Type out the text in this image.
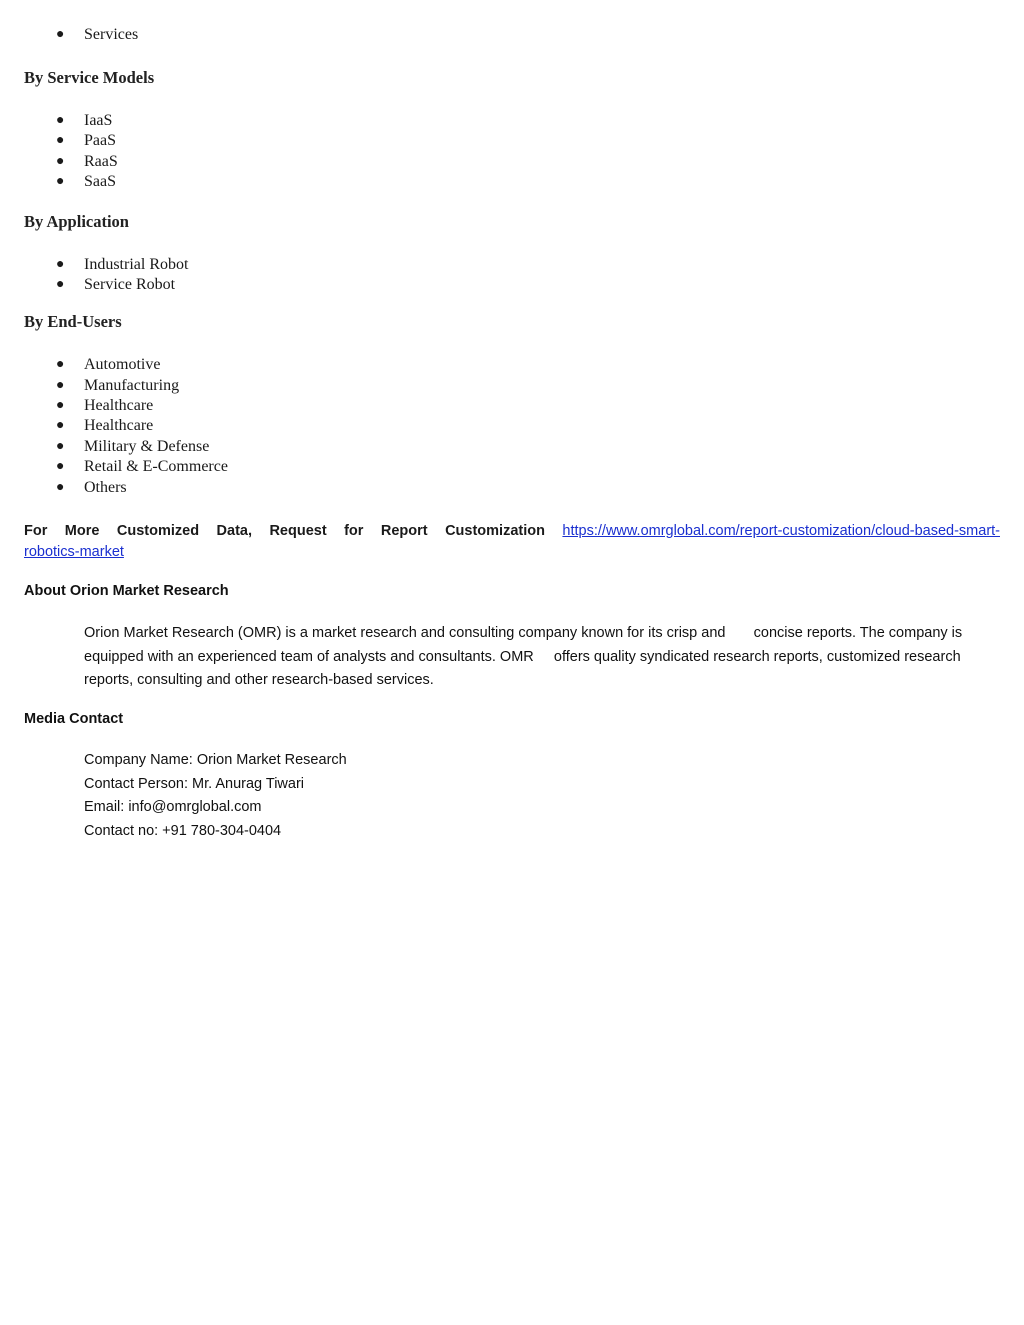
● Services
By Service Models
● IaaS
● PaaS
● RaaS
● SaaS
By Application
● Industrial Robot
● Service Robot
By End-Users
● Automotive
● Manufacturing
● Healthcare
● Healthcare
● Military & Defense
● Retail & E-Commerce
● Others
For More Customized Data, Request for Report Customization https://www.omrglobal.com/report-customization/cloud-based-smart-
robotics-market
About Orion Market Research
Orion Market Research (OMR) is a market research and consulting company known for its crisp and       concise reports. The company is equipped with an experienced team of analysts and consultants. OMR     offers quality syndicated research reports, customized research reports, consulting and other research-based services.
Media Contact
Company Name: Orion Market Research
Contact Person: Mr. Anurag Tiwari
Email: info@omrglobal.com
Contact no: +91 780-304-0404
